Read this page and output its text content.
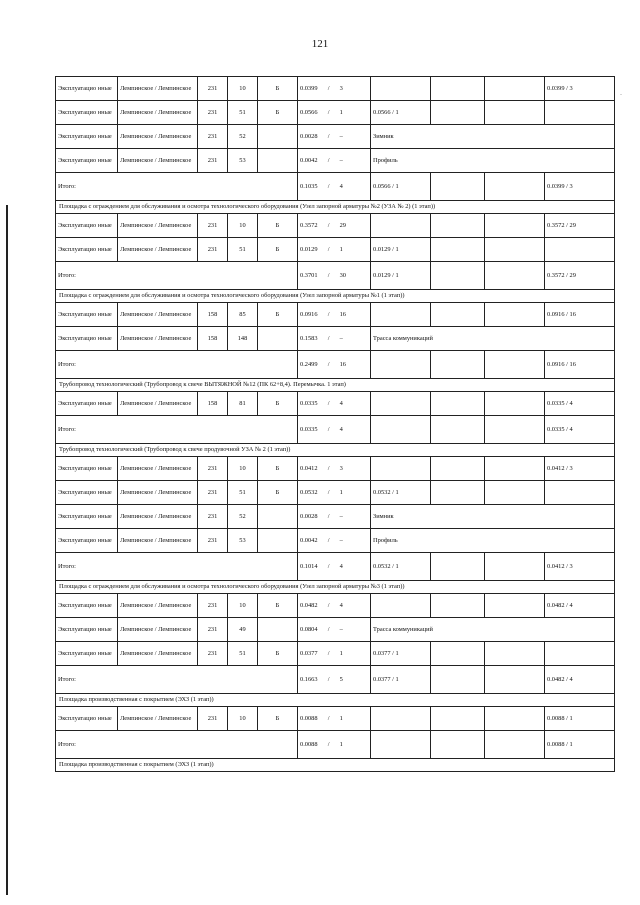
121
.
Эксплуатацио нные	Лемпинское / Лемпинское	231	10	Б	0.0399 / 3				0.0399 / 3
Эксплуатацио нные	Лемпинское / Лемпинское	231	51	Б	0.0566 / 1	0.0566 / 1			
Эксплуатацио нные	Лемпинское / Лемпинское	231	52		0.0028 / –	Зимник			
Эксплуатацио нные	Лемпинское / Лемпинское	231	53		0.0042 / –	Профиль			
Итого:					0.1035 / 4	0.0566 / 1			0.0399 / 3
Площадка с ограждением для обслуживания и осмотра технологического оборудования (Узел запорной арматуры №2 (УЗА № 2) (1 этап))									
Эксплуатацио нные	Лемпинское / Лемпинское	231	10	Б	0.3572 / 29				0.3572 / 29
Эксплуатацио нные	Лемпинское / Лемпинское	231	51	Б	0.0129 / 1	0.0129 / 1			
Итого:					0.3701 / 30	0.0129 / 1			0.3572 / 29
Площадка с ограждением для обслуживания и осмотра технологического оборудования (Узел запорной арматуры №1 (1 этап))									
Эксплуатацио нные	Лемпинское / Лемпинское	158	85	Б	0.0916 / 16				0.0916 / 16
Эксплуатацио нные	Лемпинское / Лемпинское	158	148		0.1583 / –	Трасса коммуникаций			
Итого:					0.2499 / 16				0.0916 / 16
Трубопровод технологический (Трубопровод к свече ВЫТЯЖНОЙ №12 (ПК 62+8,4). Перемычка. 1 этап)									
Эксплуатацио нные	Лемпинское / Лемпинское	158	81	Б	0.0335 / 4				0.0335 / 4
Итого:					0.0335 / 4				0.0335 / 4
Трубопровод технологический (Трубопровод к свече продувочной УЗА № 2 (1 этап))									
Эксплуатацио нные	Лемпинское / Лемпинское	231	10	Б	0.0412 / 3				0.0412 / 3
Эксплуатацио нные	Лемпинское / Лемпинское	231	51	Б	0.0532 / 1	0.0532 / 1			
Эксплуатацио нные	Лемпинское / Лемпинское	231	52		0.0028 / –	Зимник			
Эксплуатацио нные	Лемпинское / Лемпинское	231	53		0.0042 / –	Профиль			
Итого:					0.1014 / 4	0.0532 / 1			0.0412 / 3
Площадка с ограждением для обслуживания и осмотра технологического оборудования (Узел запорной арматуры №3 (1 этап))									
Эксплуатацио нные	Лемпинское / Лемпинское	231	10	Б	0.0482 / 4				0.0482 / 4
Эксплуатацио нные	Лемпинское / Лемпинское	231	49		0.0804 / –	Трасса коммуникаций			
Эксплуатацио нные	Лемпинское / Лемпинское	231	51	Б	0.0377 / 1	0.0377 / 1			
Итого:					0.1663 / 5	0.0377 / 1			0.0482 / 4
Площадка производственная с покрытием (ЭХЗ (1 этап))									
Эксплуатацио нные	Лемпинское / Лемпинское	231	10	Б	0.0088 / 1				0.0088 / 1
Итого:					0.0088 / 1				0.0088 / 1
Площадка производственная с покрытием (ЭХЗ (1 этап))									
